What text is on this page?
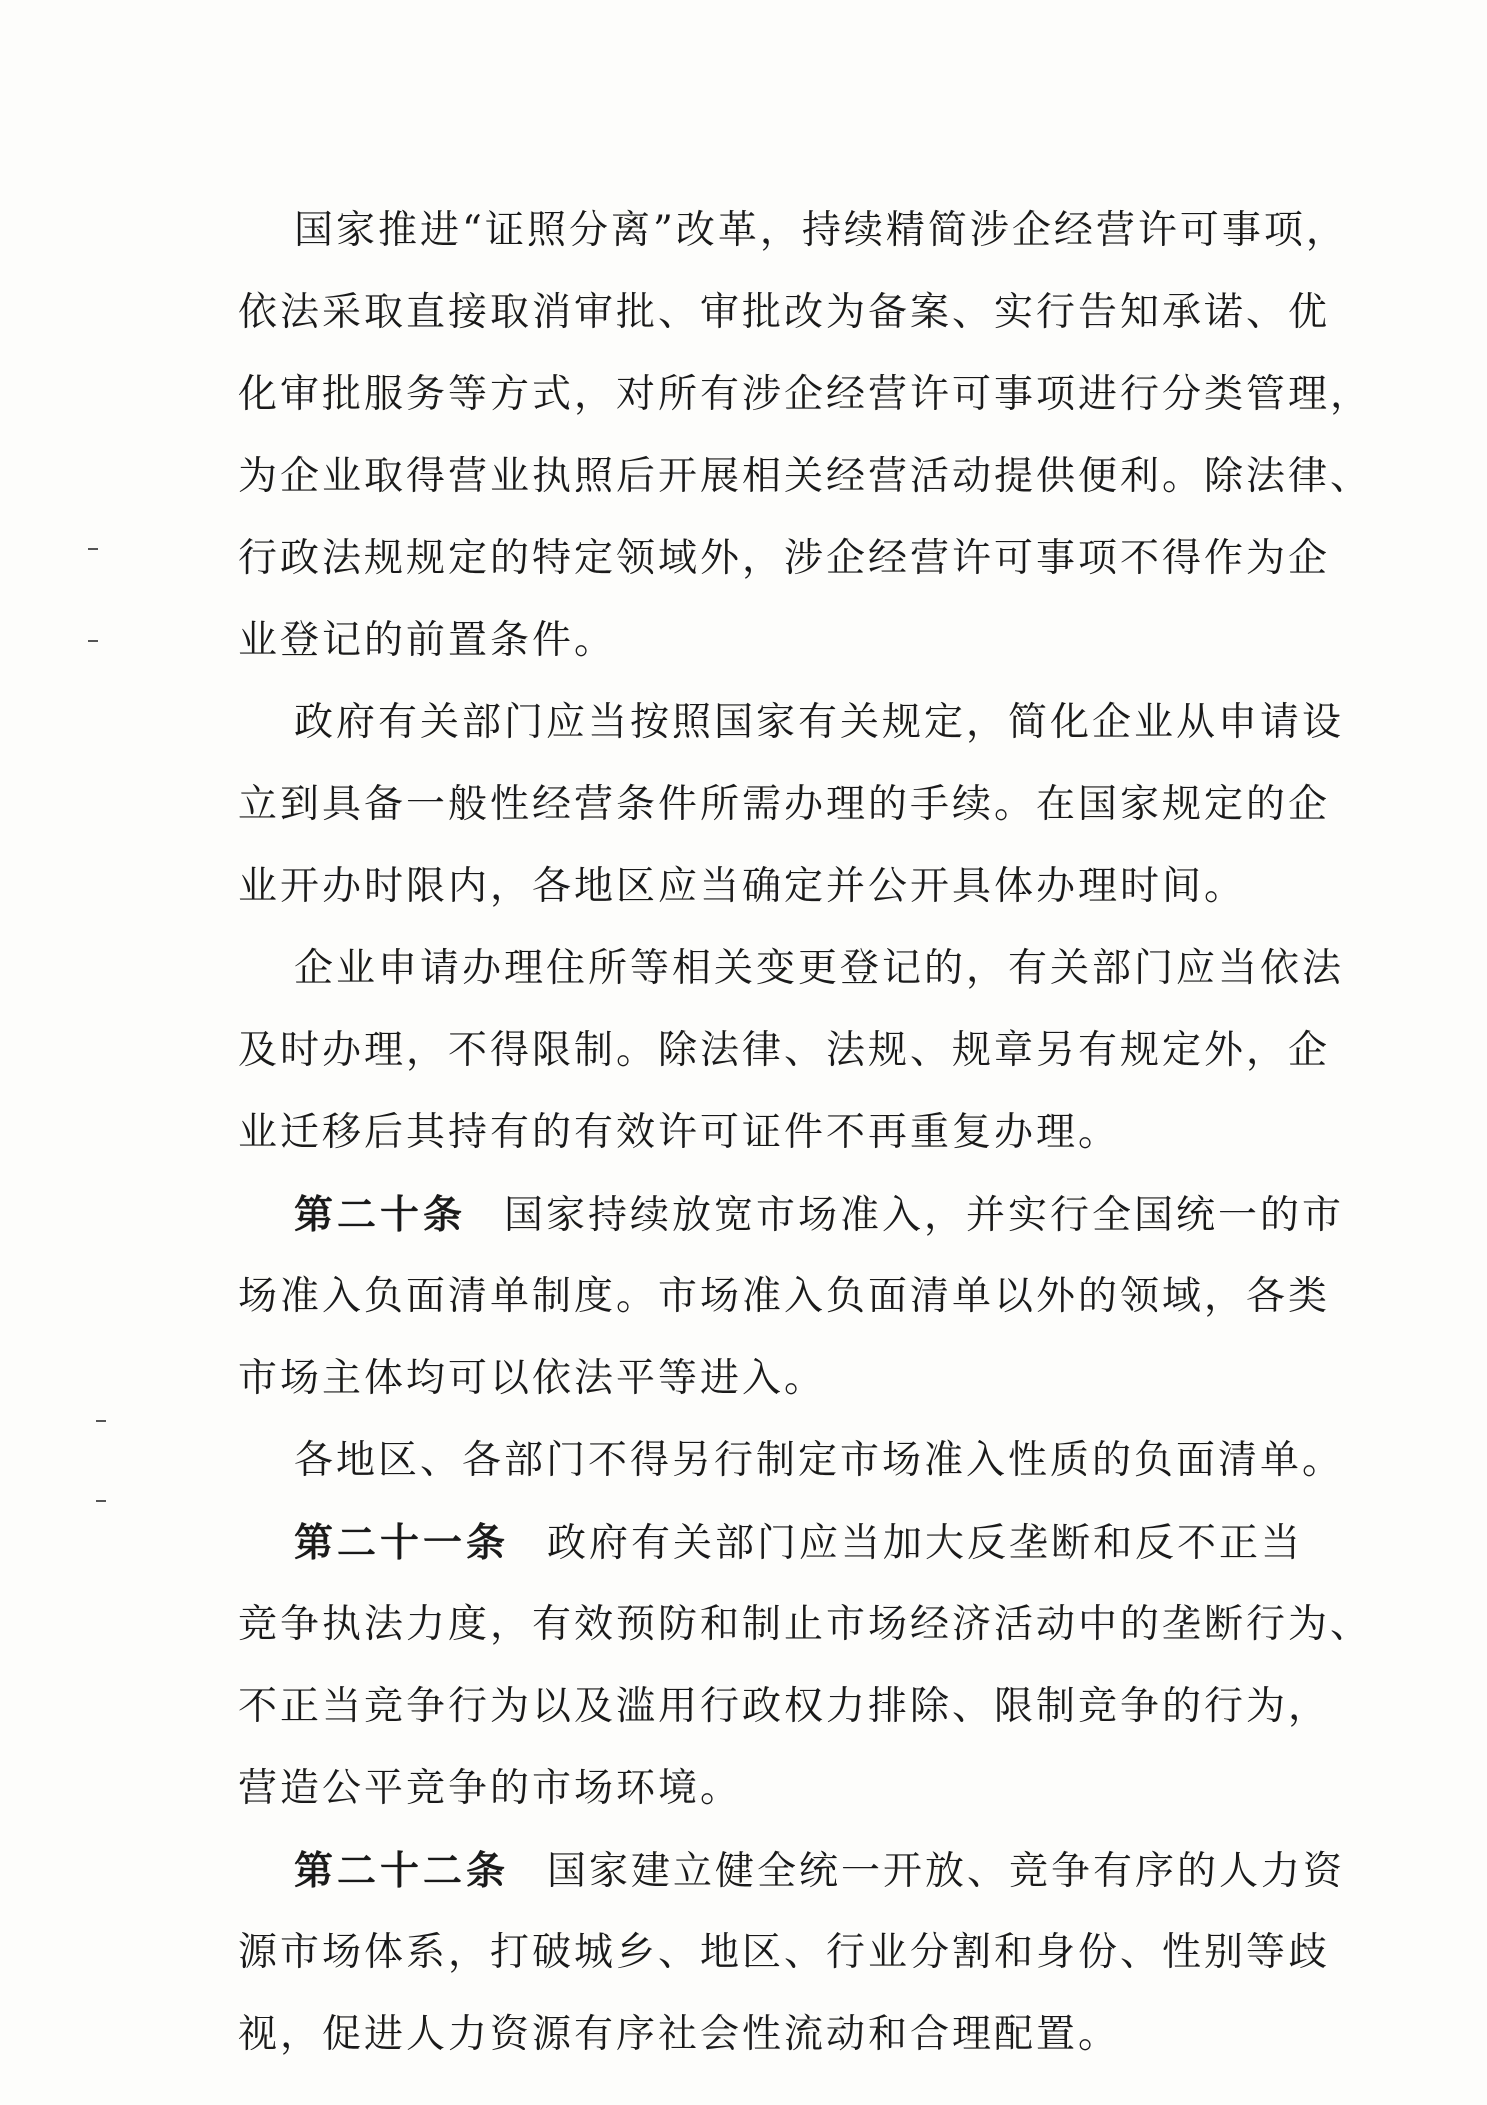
国家推进“证照分离”改革，持续精简涉企经营许可事项，
依法采取直接取消审批、审批改为备案、实行告知承诺、优
化审批服务等方式，对所有涉企经营许可事项进行分类管理，
为企业取得营业执照后开展相关经营活动提供便利。除法律、
行政法规规定的特定领域外，涉企经营许可事项不得作为企
业登记的前置条件。
政府有关部门应当按照国家有关规定，简化企业从申请设
立到具备一般性经营条件所需办理的手续。在国家规定的企
业开办时限内，各地区应当确定并公开具体办理时间。
企业申请办理住所等相关变更登记的，有关部门应当依法
及时办理，不得限制。除法律、法规、规章另有规定外，企
业迁移后其持有的有效许可证件不再重复办理。
第二十条 国家持续放宽市场准入，并实行全国统一的市
场准入负面清单制度。市场准入负面清单以外的领域，各类
市场主体均可以依法平等进入。
各地区、各部门不得另行制定市场准入性质的负面清单。
第二十一条 政府有关部门应当加大反垄断和反不正当
竞争执法力度，有效预防和制止市场经济活动中的垄断行为、
不正当竞争行为以及滥用行政权力排除、限制竞争的行为，
营造公平竞争的市场环境。
第二十二条 国家建立健全统一开放、竞争有序的人力资
源市场体系，打破城乡、地区、行业分割和身份、性别等歧
视，促进人力资源有序社会性流动和合理配置。
